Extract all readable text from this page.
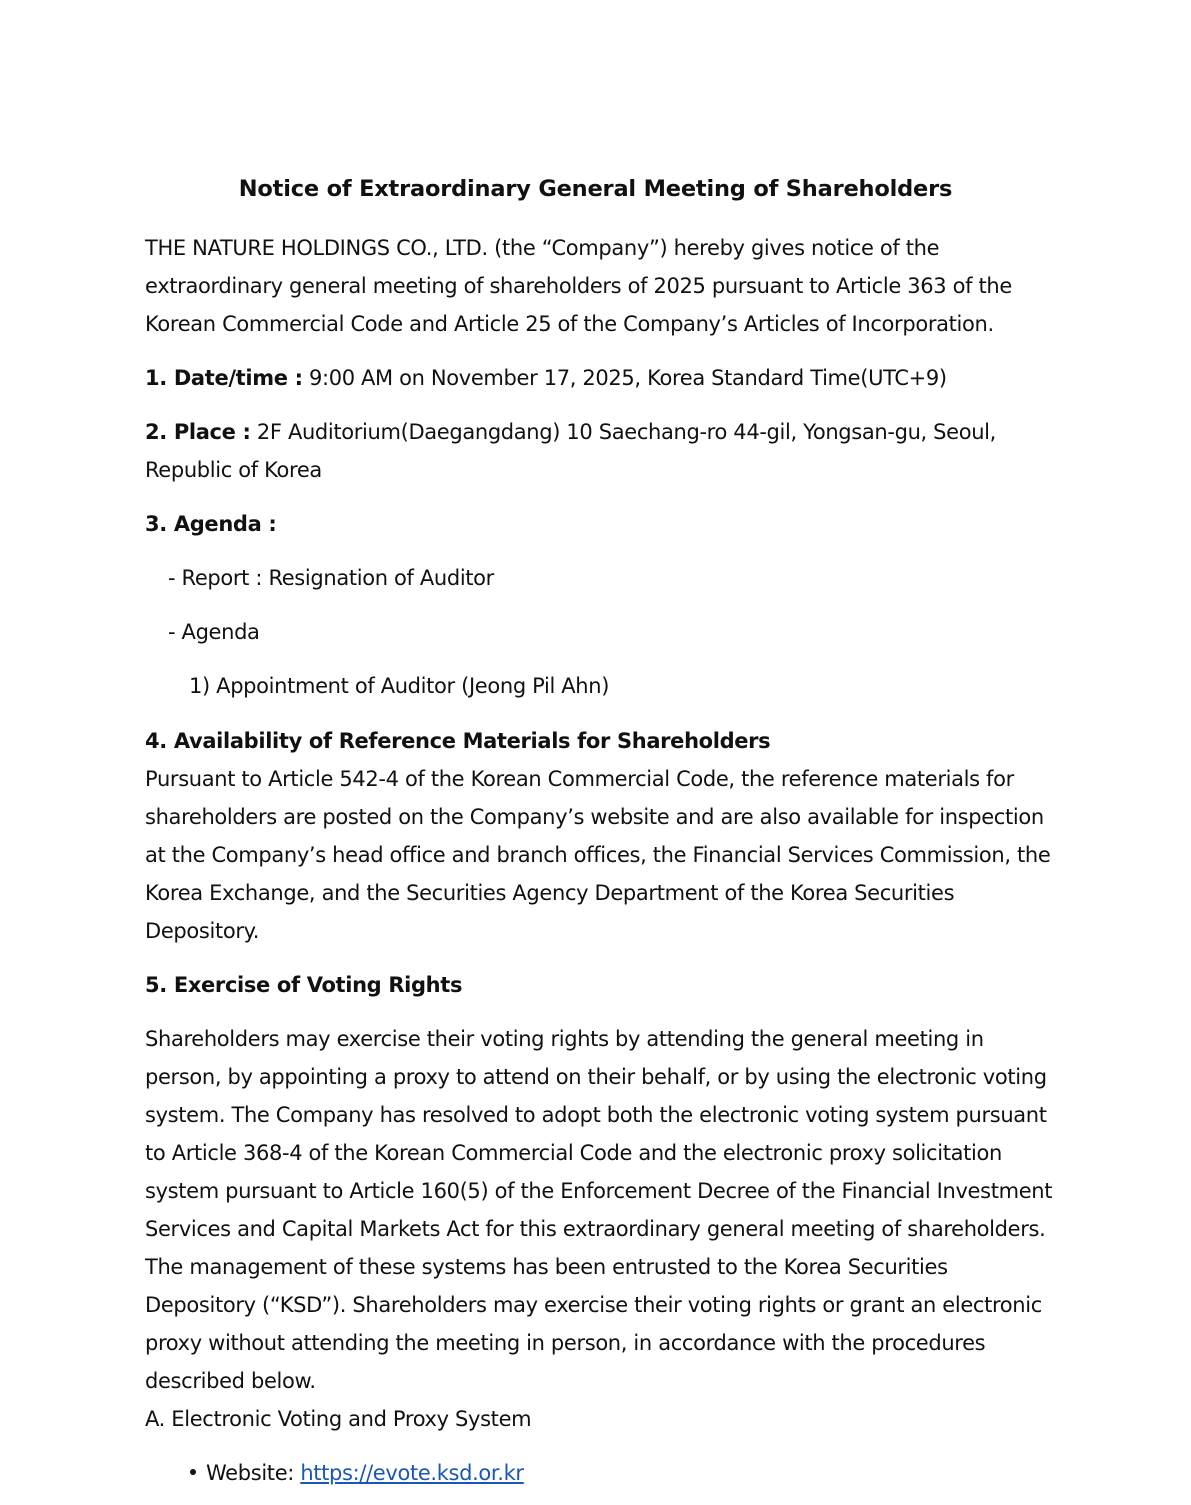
Notice of Extraordinary General Meeting of Shareholders
THE NATURE HOLDINGS CO., LTD. (the “Company”) hereby gives notice of the extraordinary general meeting of shareholders of 2025 pursuant to Article 363 of the Korean Commercial Code and Article 25 of the Company’s Articles of Incorporation.
1. Date/time : 9:00 AM on November 17, 2025, Korea Standard Time(UTC+9)
2. Place : 2F Auditorium(Daegangdang) 10 Saechang-ro 44-gil, Yongsan-gu, Seoul, Republic of Korea
3. Agenda :
- Report : Resignation of Auditor
- Agenda
1) Appointment of Auditor (Jeong Pil Ahn)
4. Availability of Reference Materials for Shareholders
Pursuant to Article 542-4 of the Korean Commercial Code, the reference materials for shareholders are posted on the Company’s website and are also available for inspection at the Company’s head office and branch offices, the Financial Services Commission, the Korea Exchange, and the Securities Agency Department of the Korea Securities Depository.
5. Exercise of Voting Rights
Shareholders may exercise their voting rights by attending the general meeting in person, by appointing a proxy to attend on their behalf, or by using the electronic voting system. The Company has resolved to adopt both the electronic voting system pursuant to Article 368-4 of the Korean Commercial Code and the electronic proxy solicitation system pursuant to Article 160(5) of the Enforcement Decree of the Financial Investment Services and Capital Markets Act for this extraordinary general meeting of shareholders. The management of these systems has been entrusted to the Korea Securities Depository (“KSD”). Shareholders may exercise their voting rights or grant an electronic proxy without attending the meeting in person, in accordance with the procedures described below.
A. Electronic Voting and Proxy System
Website: https://evote.ksd.or.kr
